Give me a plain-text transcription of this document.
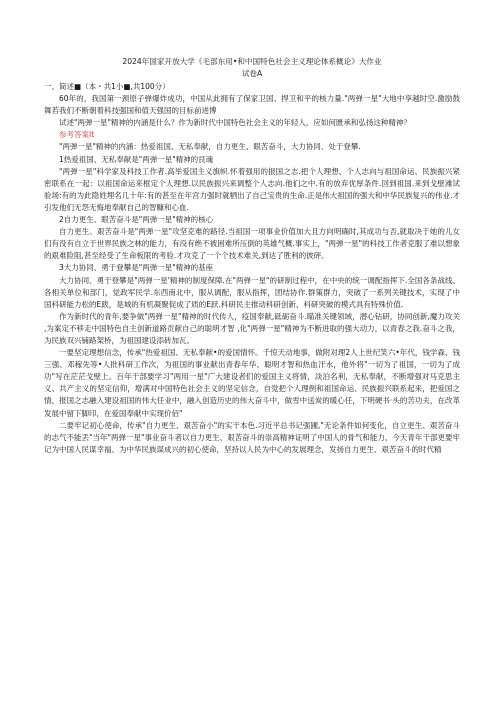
2024年国家开放大学《毛部东用•和中国特色社会主义理论体系概论》大作业

试卷A

一、简述■（本・共1小■,共100分）

60年的，我国第一颈原子弹爆炸成功，中国从此拥有了保家卫国、捍卫和平的核力量."两弹一星"大地中享越时空.激励鼓舞若我们不断朝着科技强国和值天强国的目标前进博

试述"两弹一星"精神的内涵是什么？作为新时代中国特色社会主义的年轻人，应如何匮承和弘扬这种精神？

参考答案It

"两弹一星"精神的内涵：热爱祖国、无私奉献，自力更生、眼苦奋斗，大力协同、处于登攀.

1热爱祖国、无私奉献是"两弹一星"精神的艮魂

"两弹一星"科学家及科技工作者.高举爱国主义旗帜.怀着强用的报国之志.把个人理想、个人志向与祖国命运、民族振兴紧密联系在一起：以祖国命运来框定个人理想.以民族振兴来调整个人志向.他们之中.有的放弃优厚条件.回到祖国.来到戈壁滩试验场:有的为此隐姓埋名几十年:有的甚至在年宫力强时就牺出了自己宝贵的生命.正是伟大祖国的强大和中华民族复兴的伟业.才引发他们无怨无悔地奉献自己的智糠和心血.

2自力更生、眼苦奋斗是"两弹一星"精神的核心

自力更生、艰苦奋斗是"两弹一星"攻坚克难的路径.当祖国一项事业价值加大且方向明确时,其成功与否,就取决于她的儿女们有没有自立于世界民族之林的能力，有没有绝不被困难所压倒的英雄气概.事实上，"两弹一星"的科技工作者克服了难以想象的艰难险阻,甚至经受了生命板限的考验.才攻克了一个个技术难关,到达了胜利的彼砰。

3大力协同、勇于登攀是"两弹一星"精神的基座

大力协同、勇于登攀是"两弹一星'精神的制度保障.在"两弹一星"的研制过程中，在中央的统一调配指挥下.全国各条战线、各相关单位和部门，觉政军民学.东西南北中，服从调配，服从指挥，团结协作.群策群力，突破了一系列关键技术，实现了中国科研能力松的E跋，是城的有机凝聚促成了质的E跃.科研民主推动科研创新、科研突破的模式具有特殊价值.

作为新时代的青年,要争做"两弹一星"精神的时代传人，疫国奉献,砥砺奋斗.瞄准关键领域，潜心钻研，协同创新,魔力攻关 ,为案定不移走中国特色自主创新道路贡献自己的聪明才智 ,化"两弹一星"精神为不断进取的强大动力，以青春之我.奋斗之我，为民族双兴铺路架桥，为祖国建设添砖加瓦。

一要坚定理想信念，传承"热爱祖国、无私奉献•的爱国情怀。千惊天动地事，做附对理2人上世纪笑六•年代，钱学森、钱三强、邓稼先等•人批科研工作次，为祖国的事业献出青春年华、聪明才智和热血汗水，他外将"一切为了祖国，一切为了成功"写在茫茫戈壁上。百年干部要学习"两用一星"广大建设者们的爱国主义将情，淡泊名利，无私奉献，不断增强对马克思主义、共产主义的坚定信仰，增满对中国特色社会主义的坚定信念，自觉把个人理例和祖国命运、民族振兴联系起来，把爱国之情、报国之志融入建设祖国的伟大任业中，融入创造历史的伟大奋斗中，做雪中送炭的暖心任，下明硬书·头的苦功夫，在改革发展中留下脚印，在爱国奉献中实现价佰"

二要牢记初心使命，传承"自力更生、艰苦奋小"的实干本色.习近平总书记强圃,"无论条件如何变化，自立更生、艰苦奋斗的志气不能丢"当年"两弹一星"事业奋斗者以自力更生、艰苦奋斗的崇高精神证明了中国人的骨气和能力，今天青年干部更要牢记为中国人民谋幸福、为中华民族谋成兴的初心使命，坚持以人民为中心的发展理念，发扬自力更生、艰苦奋斗的时代精
